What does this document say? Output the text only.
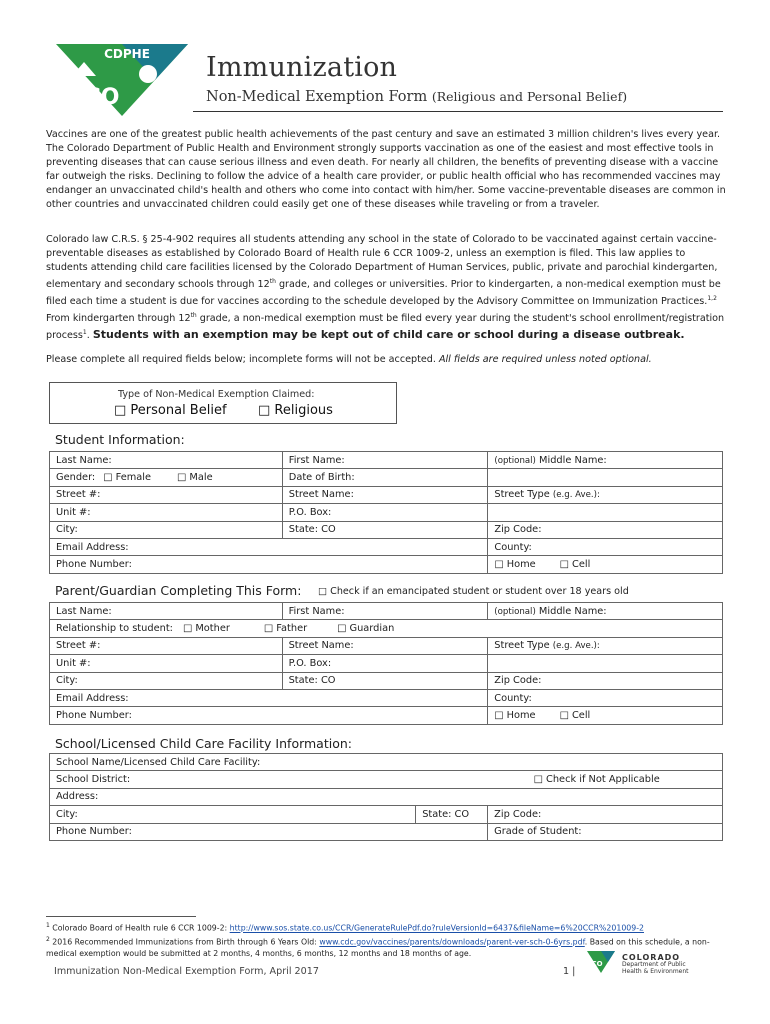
CDPHE
CO
Immunization
Non-Medical Exemption Form (Religious and Personal Belief)
Vaccines are one of the greatest public health achievements of the past century and save an estimated 3 million children's lives every year. The Colorado Department of Public Health and Environment strongly supports vaccination as one of the easiest and most effective tools in preventing diseases that can cause serious illness and even death. For nearly all children, the benefits of preventing disease with a vaccine far outweigh the risks. Declining to follow the advice of a health care provider, or public health official who has recommended vaccines may endanger an unvaccinated child's health and others who come into contact with him/her. Some vaccine-preventable diseases are common in other countries and unvaccinated children could easily get one of these diseases while traveling or from a traveler.
Colorado law C.R.S. § 25-4-902 requires all students attending any school in the state of Colorado to be vaccinated against certain vaccine-preventable diseases as established by Colorado Board of Health rule 6 CCR 1009-2, unless an exemption is filed. This law applies to students attending child care facilities licensed by the Colorado Department of Human Services, public, private and parochial kindergarten, elementary and secondary schools through 12th grade, and colleges or universities. Prior to kindergarten, a non-medical exemption must be filed each time a student is due for vaccines according to the schedule developed by the Advisory Committee on Immunization Practices.$^{1,2}$ From kindergarten through 12th grade, a non-medical exemption must be filed every year during the student's school enrollment/registration process$^1$. Students with an exemption may be kept out of child care or school during a disease outbreak.
Please complete all required fields below; incomplete forms will not be accepted. All fields are required unless noted optional.
Type of Non-Medical Exemption Claimed:
□ Personal Belief □ Religious
Student Information:
Last Name:	First Name:	(optional) Middle Name:
Gender: □ Female □ Male	Date of Birth:	
Street #:	Street Name:	Street Type (e.g. Ave.):
Unit #:	P.O. Box:	
City:	State: CO	Zip Code:
Email Address:		County:
Phone Number:		□ Home □ Cell
Parent/Guardian Completing This Form: □ Check if an emancipated student or student over 18 years old
Last Name:	First Name:	(optional) Middle Name:
Relationship to student: □ Mother □ Father □ Guardian		
Street #:	Street Name:	Street Type (e.g. Ave.):
Unit #:	P.O. Box:	
City:	State: CO	Zip Code:
Email Address:		County:
Phone Number:		□ Home □ Cell
School/Licensed Child Care Facility Information:
School Name/Licensed Child Care Facility:		
School District:		□ Check if Not Applicable
Address:		
City:	State: CO	Zip Code:
Phone Number:		Grade of Student:
$^1$ Colorado Board of Health rule 6 CCR 1009-2: http://www.sos.state.co.us/CCR/GenerateRulePdf.do?ruleVersionId=6437&fileName=6%20CCR%201009-2
$^2$ 2016 Recommended Immunizations from Birth through 6 Years Old: www.cdc.gov/vaccines/parents/downloads/parent-ver-sch-0-6yrs.pdf. Based on this schedule, a non-medical exemption would be submitted at 2 months, 4 months, 6 months, 12 months and 18 months of age.
Immunization Non-Medical Exemption Form, April 2017	1 |
CO
COLORADO
Department of Public
Health & Environment
